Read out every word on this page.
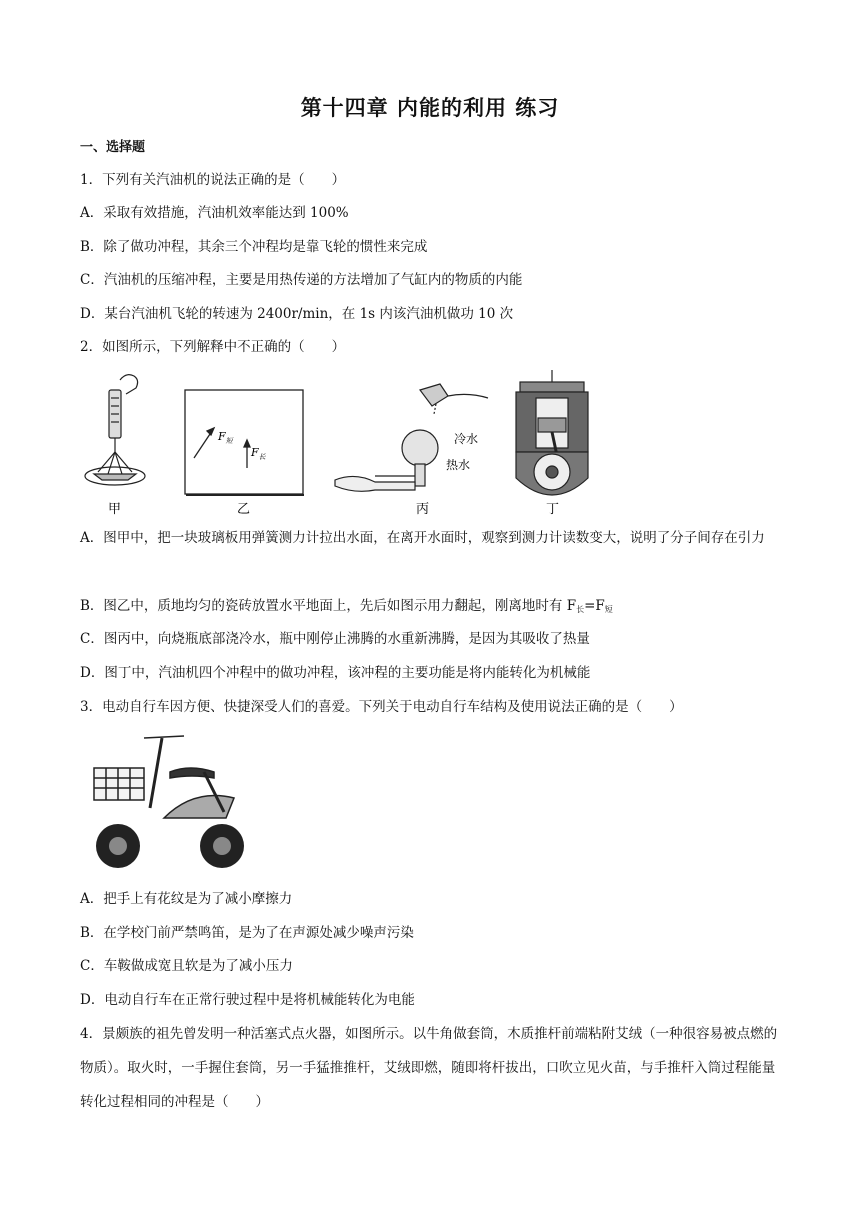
第十四章 内能的利用 练习
一、选择题
1．下列有关汽油机的说法正确的是（　　）
A．采取有效措施，汽油机效率能达到 100%
B．除了做功冲程，其余三个冲程均是靠飞轮的惯性来完成
C．汽油机的压缩冲程，主要是用热传递的方法增加了气缸内的物质的内能
D．某台汽油机飞轮的转速为 2400r/min，在 1s 内该汽油机做功 10 次
2．如图所示，下列解释中不正确的（　　）
甲
$F_短$
$F_长$
乙
冷水
热水
丙	丁
A．图甲中，把一块玻璃板用弹簧测力计拉出水面，在离开水面时，观察到测力计读数变大，说明了分子间存在引力
B．图乙中，质地均匀的瓷砖放置水平地面上，先后如图示用力翻起，刚离地时有 $F_长=F_短$
C．图丙中，向烧瓶底部浇冷水，瓶中刚停止沸腾的水重新沸腾，是因为其吸收了热量
D．图丁中，汽油机四个冲程中的做功冲程，该冲程的主要功能是将内能转化为机械能
3．电动自行车因方便、快捷深受人们的喜爱。下列关于电动自行车结构及使用说法正确的是（　　）
A．把手上有花纹是为了减小摩擦力
B．在学校门前严禁鸣笛，是为了在声源处减少噪声污染
C．车鞍做成宽且软是为了减小压力
D．电动自行车在正常行驶过程中是将机械能转化为电能
4．景颇族的祖先曾发明一种活塞式点火器，如图所示。以牛角做套筒，木质推杆前端粘附艾绒（一种很容易被点燃的物质）。取火时，一手握住套筒，另一手猛推推杆，艾绒即燃，随即将杆拔出，口吹立见火苗，与手推杆入筒过程能量转化过程相同的冲程是（　　）
